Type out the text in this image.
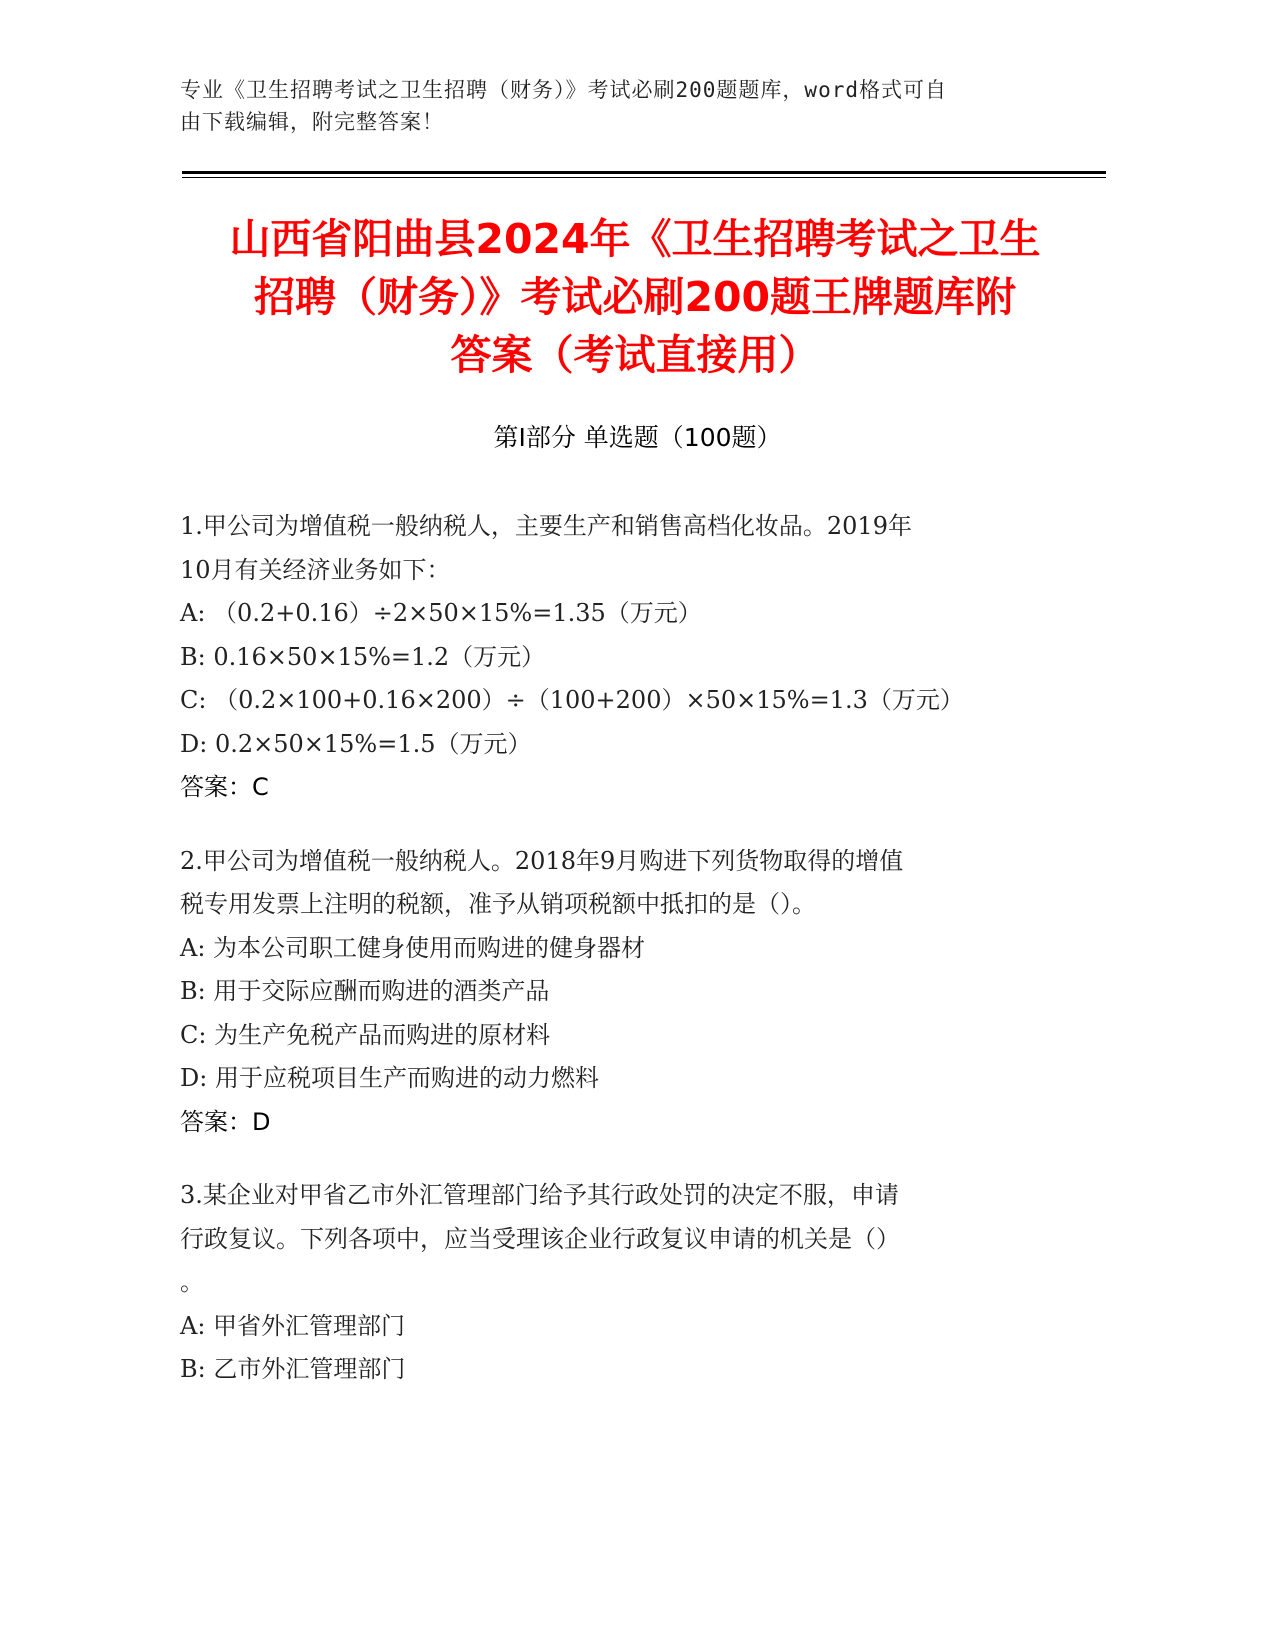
专业《卫生招聘考试之卫生招聘（财务）》考试必刷200题题库，word格式可自
由下载编辑，附完整答案！
山西省阳曲县2024年《卫生招聘考试之卫生
招聘（财务）》考试必刷200题王牌题库附
答案（考试直接用）
第Ⅰ部分 单选题（100题）
1.甲公司为增值税一般纳税人，主要生产和销售高档化妆品。2019年
10月有关经济业务如下：
A: （0.2+0.16）÷2×50×15%=1.35（万元）
B: 0.16×50×15%=1.2（万元）
C: （0.2×100+0.16×200）÷（100+200）×50×15%=1.3（万元）
D: 0.2×50×15%=1.5（万元）
答案：C
2.甲公司为增值税一般纳税人。2018年9月购进下列货物取得的增值
税专用发票上注明的税额，准予从销项税额中抵扣的是（）。
A: 为本公司职工健身使用而购进的健身器材
B: 用于交际应酬而购进的酒类产品
C: 为生产免税产品而购进的原材料
D: 用于应税项目生产而购进的动力燃料
答案：D
3.某企业对甲省乙市外汇管理部门给予其行政处罚的决定不服，申请
行政复议。下列各项中，应当受理该企业行政复议申请的机关是（）
。
A: 甲省外汇管理部门
B: 乙市外汇管理部门
